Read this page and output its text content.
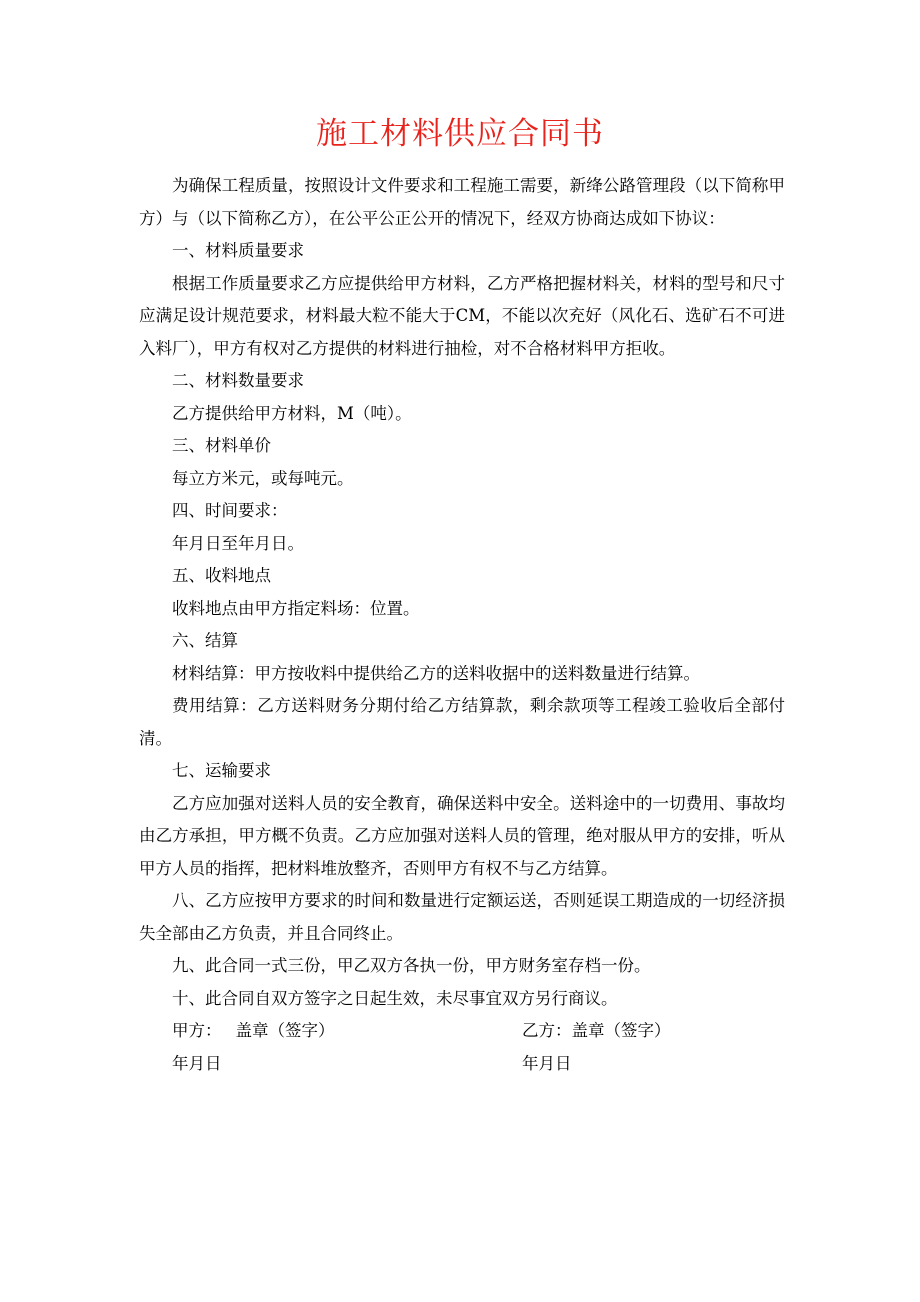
施工材料供应合同书

为确保工程质量，按照设计文件要求和工程施工需要，新绛公路管理段（以下简称甲方）与（以下简称乙方），在公平公正公开的情况下，经双方协商达成如下协议：

一、材料质量要求

根据工作质量要求乙方应提供给甲方材料，乙方严格把握材料关，材料的型号和尺寸应满足设计规范要求，材料最大粒不能大于CM，不能以次充好（风化石、选矿石不可进入料厂），甲方有权对乙方提供的材料进行抽检，对不合格材料甲方拒收。

二、材料数量要求

乙方提供给甲方材料，M（吨）。

三、材料单价

每立方米元，或每吨元。

四、时间要求：

年月日至年月日。

五、收料地点

收料地点由甲方指定料场：位置。

六、结算

材料结算：甲方按收料中提供给乙方的送料收据中的送料数量进行结算。

费用结算：乙方送料财务分期付给乙方结算款，剩余款项等工程竣工验收后全部付清。

七、运输要求

乙方应加强对送料人员的安全教育，确保送料中安全。送料途中的一切费用、事故均由乙方承担，甲方概不负责。乙方应加强对送料人员的管理，绝对服从甲方的安排，听从甲方人员的指挥，把材料堆放整齐，否则甲方有权不与乙方结算。

八、乙方应按甲方要求的时间和数量进行定额运送，否则延误工期造成的一切经济损失全部由乙方负责，并且合同终止。

九、此合同一式三份，甲乙双方各执一份，甲方财务室存档一份。

十、此合同自双方签字之日起生效，未尽事宜双方另行商议。

甲方： 盖章（签字）	乙方：盖章（签字）
年月日	年月日
